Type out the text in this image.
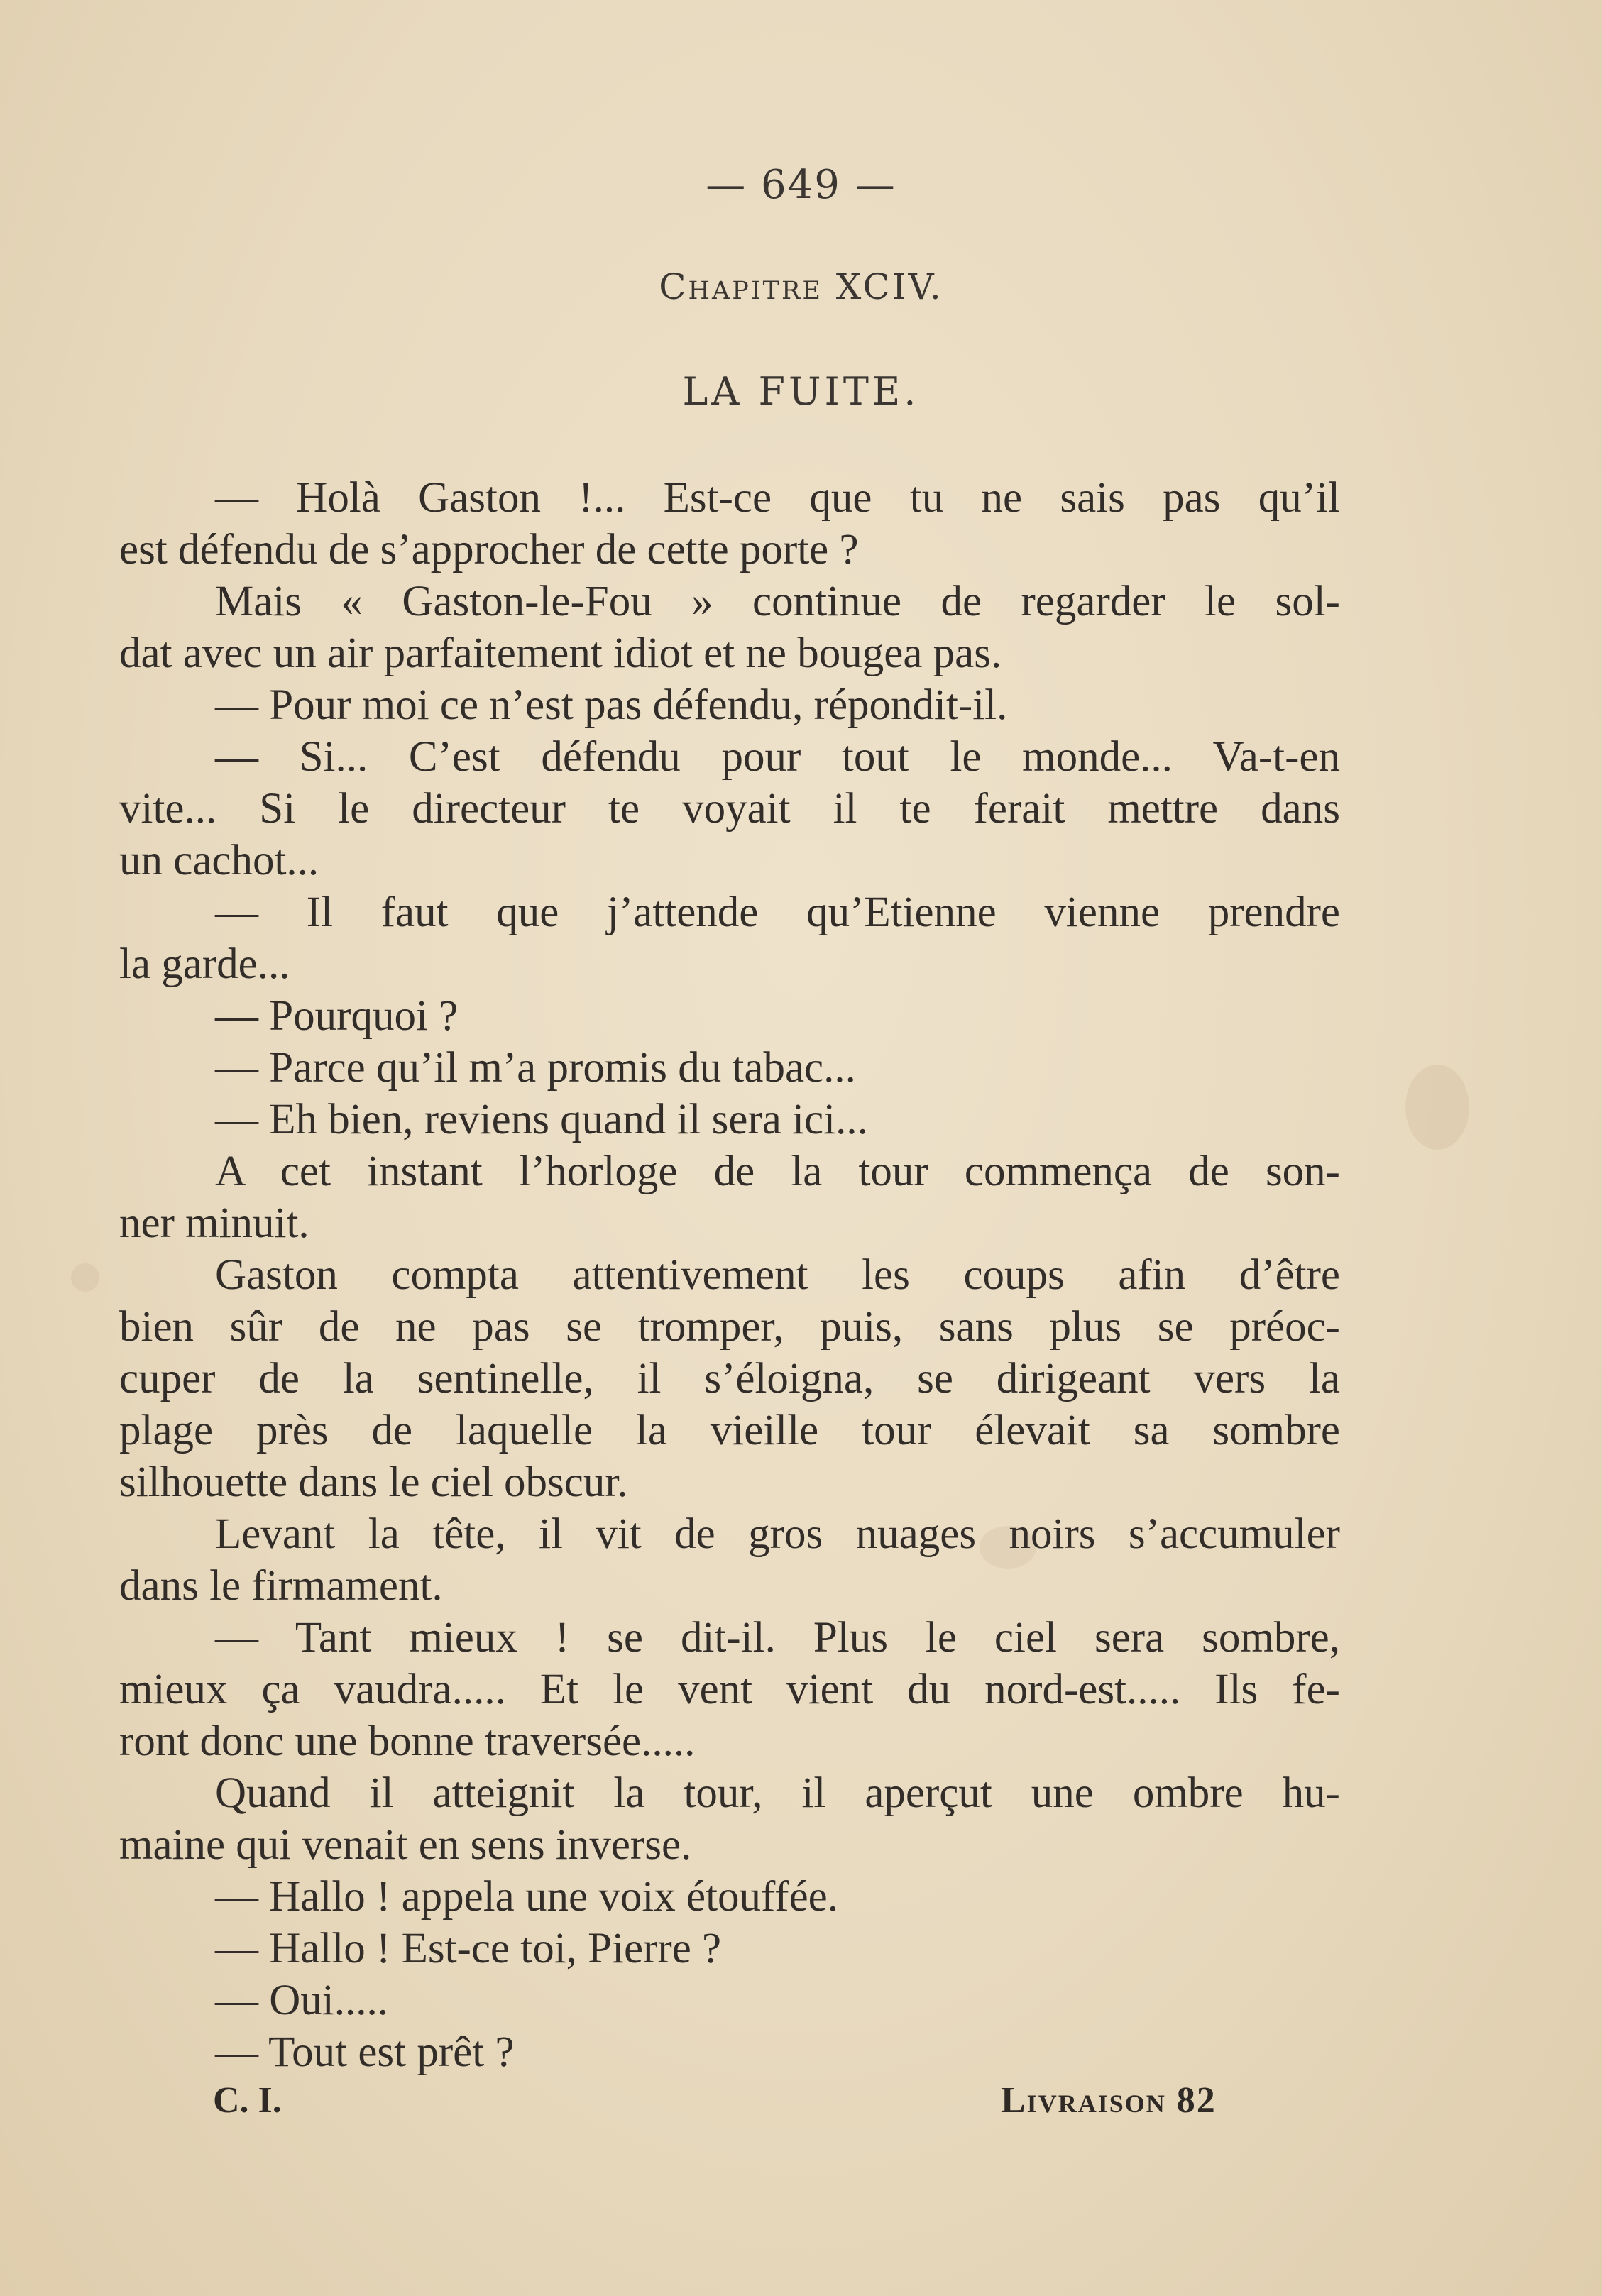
— 649 —
Chapitre XCIV.
LA FUITE.
— Holà Gaston !... Est-ce que tu ne sais pas qu’il
est défendu de s’approcher de cette porte ?
Mais « Gaston-le-Fou » continue de regarder le sol-
dat avec un air parfaitement idiot et ne bougea pas.
— Pour moi ce n’est pas défendu, répondit-il.
— Si... C’est défendu pour tout le monde... Va-t-en
vite... Si le directeur te voyait il te ferait mettre dans
un cachot...
— Il faut que j’attende qu’Etienne vienne prendre
la garde...
— Pourquoi ?
— Parce qu’il m’a promis du tabac...
— Eh bien, reviens quand il sera ici...
A cet instant l’horloge de la tour commença de son-
ner minuit.
Gaston compta attentivement les coups afin d’être
bien sûr de ne pas se tromper, puis, sans plus se préoc-
cuper de la sentinelle, il s’éloigna, se dirigeant vers la
plage près de laquelle la vieille tour élevait sa sombre
silhouette dans le ciel obscur.
Levant la tête, il vit de gros nuages noirs s’accumuler
dans le firmament.
— Tant mieux ! se dit-il. Plus le ciel sera sombre,
mieux ça vaudra..... Et le vent vient du nord-est..... Ils fe-
ront donc une bonne traversée.....
Quand il atteignit la tour, il aperçut une ombre hu-
maine qui venait en sens inverse.
— Hallo ! appela une voix étouffée.
— Hallo ! Est-ce toi, Pierre ?
— Oui.....
— Tout est prêt ?
C. I.	Livraison 82
